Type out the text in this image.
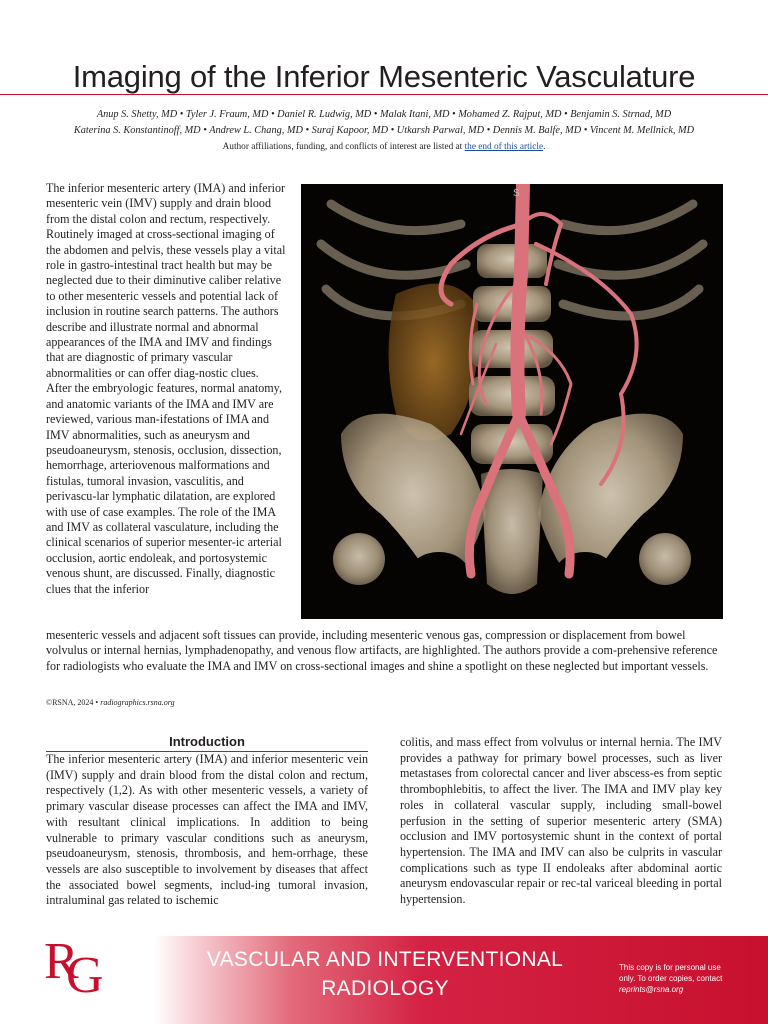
Imaging of the Inferior Mesenteric Vasculature
Anup S. Shetty, MD • Tyler J. Fraum, MD • Daniel R. Ludwig, MD • Malak Itani, MD • Mohamed Z. Rajput, MD • Benjamin S. Strnad, MD
Katerina S. Konstantinoff, MD • Andrew L. Chang, MD • Suraj Kapoor, MD • Utkarsh Parwal, MD • Dennis M. Balfe, MD • Vincent M. Mellnick, MD
Author affiliations, funding, and conflicts of interest are listed at the end of this article.
The inferior mesenteric artery (IMA) and inferior mesenteric vein (IMV) supply and drain blood from the distal colon and rectum, respectively. Routinely imaged at cross-sectional imaging of the abdomen and pelvis, these vessels play a vital role in gastro-intestinal tract health but may be neglected due to their diminutive caliber relative to other mesenteric vessels and potential lack of inclusion in routine search patterns. The authors describe and illustrate normal and abnormal appearances of the IMA and IMV and findings that are diagnostic of primary vascular abnormalities or can offer diag-nostic clues. After the embryologic features, normal anatomy, and anatomic variants of the IMA and IMV are reviewed, various man-ifestations of IMA and IMV abnormalities, such as aneurysm and pseudoaneurysm, stenosis, occlusion, dissection, hemorrhage, arteriovenous malformations and fistulas, tumoral invasion, vasculitis, and perivascu-lar lymphatic dilatation, are explored with use of case examples. The role of the IMA and IMV as collateral vasculature, including the clinical scenarios of superior mesenter-ic arterial occlusion, aortic endoleak, and portosystemic venous shunt, are discussed. Finally, diagnostic clues that the inferior
S
mesenteric vessels and adjacent soft tissues can provide, including mesenteric venous gas, compression or displacement from bowel volvulus or internal hernias, lymphadenopathy, and venous flow artifacts, are highlighted. The authors provide a com-prehensive reference for radiologists who evaluate the IMA and IMV on cross-sectional images and shine a spotlight on these neglected but important vessels.
©RSNA, 2024 • radiographics.rsna.org
Introduction
The inferior mesenteric artery (IMA) and inferior mesenteric vein (IMV) supply and drain blood from the distal colon and rectum, respectively (1,2). As with other mesenteric vessels, a variety of primary vascular disease processes can affect the IMA and IMV, with resultant clinical implications. In addition to being vulnerable to primary vascular conditions such as aneurysm, pseudoaneurysm, stenosis, thrombosis, and hem-orrhage, these vessels are also susceptible to involvement by diseases that affect the associated bowel segments, includ-ing tumoral invasion, intraluminal gas related to ischemic
colitis, and mass effect from volvulus or internal hernia. The IMV provides a pathway for primary bowel processes, such as liver metastases from colorectal cancer and liver abscess-es from septic thrombophlebitis, to affect the liver. The IMA and IMV play key roles in collateral vascular supply, including small-bowel perfusion in the setting of superior mesenteric artery (SMA) occlusion and IMV portosystemic shunt in the context of portal hypertension. The IMA and IMV can also be culprits in vascular complications such as type II endoleaks after abdominal aortic aneurysm endovascular repair or rec-tal variceal bleeding in portal hypertension.
R
G	VASCULAR AND INTERVENTIONAL
RADIOLOGY
This copy is for personal use only. To order copies, contact reprints@rsna.org
